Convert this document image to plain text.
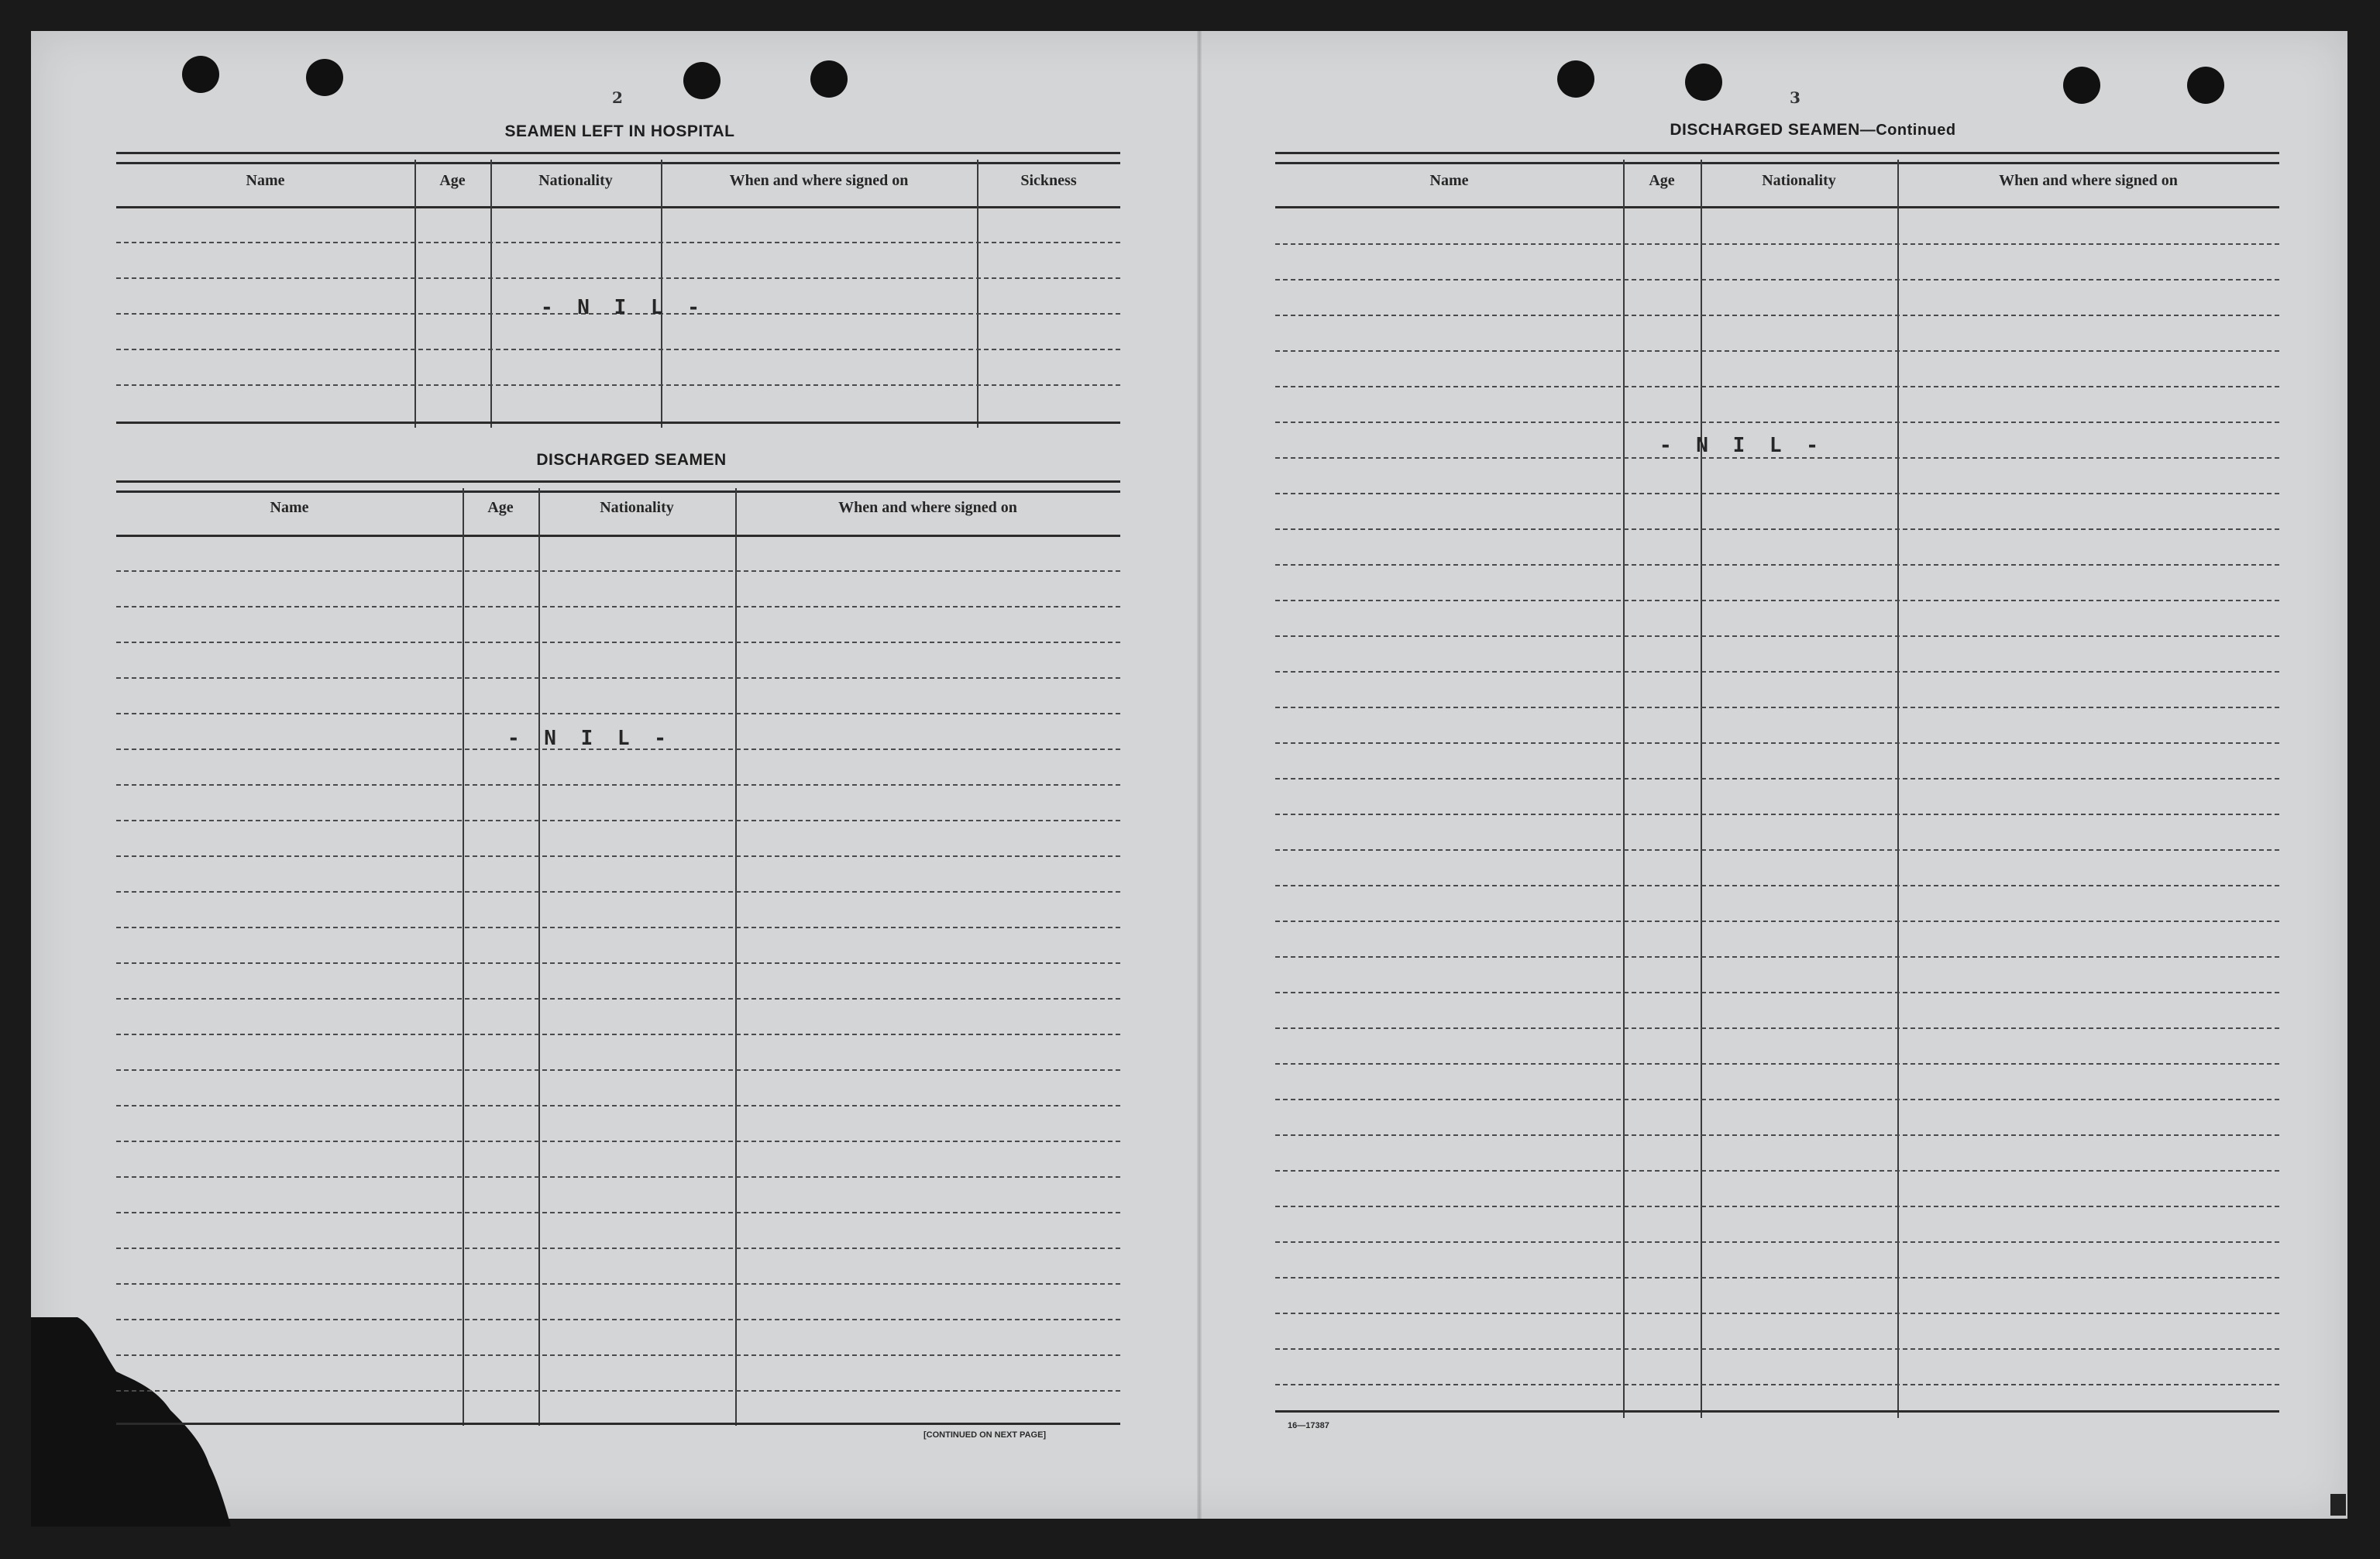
2
SEAMEN LEFT IN HOSPITAL
Name	Age	Nationality	When and where signed on	Sickness
- N I L -
DISCHARGED SEAMEN
Name	Age	Nationality	When and where signed on
- N I L -
[CONTINUED ON NEXT PAGE]
3
DISCHARGED SEAMEN—Continued
Name	Age	Nationality	When and where signed on
- N I L -
16—17387
